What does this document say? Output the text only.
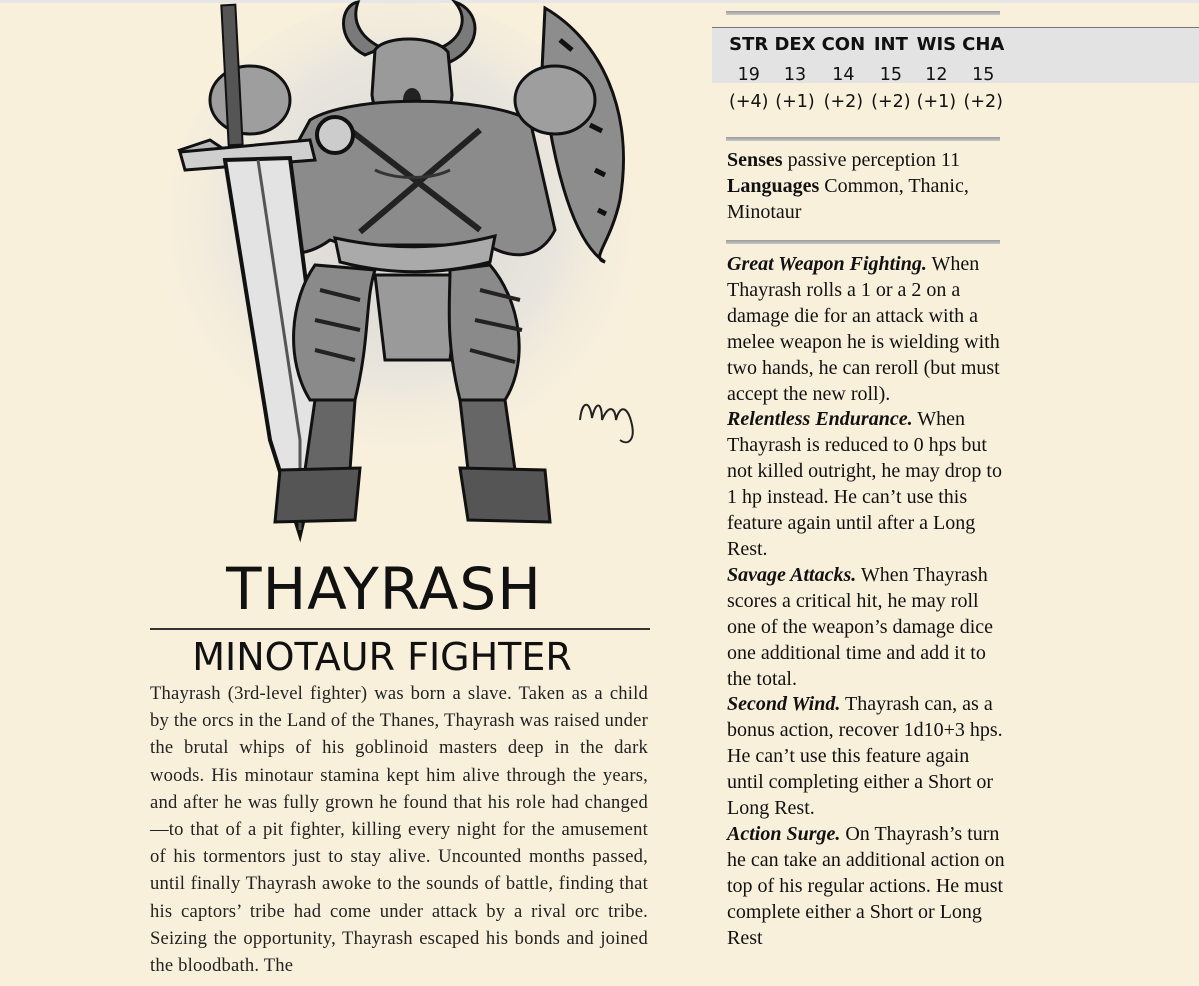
THAYRASH
MINOTAUR FIGHTER
Thayrash (3rd-level fighter) was born a slave. Taken as a child by the orcs in the Land of the Thanes, Thayrash was raised under the brutal whips of his goblinoid masters deep in the dark woods. His minotaur stamina kept him alive through the years, and after he was fully grown he found that his role had changed—to that of a pit fighter, killing every night for the amusement of his tormentors just to stay alive. Uncounted months passed, until finally Thayrash awoke to the sounds of battle, finding that his captors’ tribe had come under attack by a rival orc tribe. Seizing the opportunity, Thayrash escaped his bonds and joined the bloodbath. The
STR	DEX	CON	INT	WIS	CHA
19	13	14	15	12	15
(+4)	(+1)	(+2)	(+2)	(+1)	(+2)
Senses passive perception 11
Languages Common, Thanic, Minotaur

Great Weapon Fighting. When Thayrash rolls a 1 or a 2 on a damage die for an attack with a melee weapon he is wielding with two hands, he can reroll (but must accept the new roll).

Relentless Endurance. When Thayrash is reduced to 0 hps but not killed outright, he may drop to 1 hp instead. He can’t use this feature again until after a Long Rest.

Savage Attacks. When Thayrash scores a critical hit, he may roll one of the weapon’s damage dice one additional time and add it to the total.

Second Wind. Thayrash can, as a bonus action, recover 1d10+3 hps. He can’t use this feature again until completing either a Short or Long Rest.

Action Surge. On Thayrash’s turn he can take an additional action on top of his regular actions. He must complete either a Short or Long Rest
